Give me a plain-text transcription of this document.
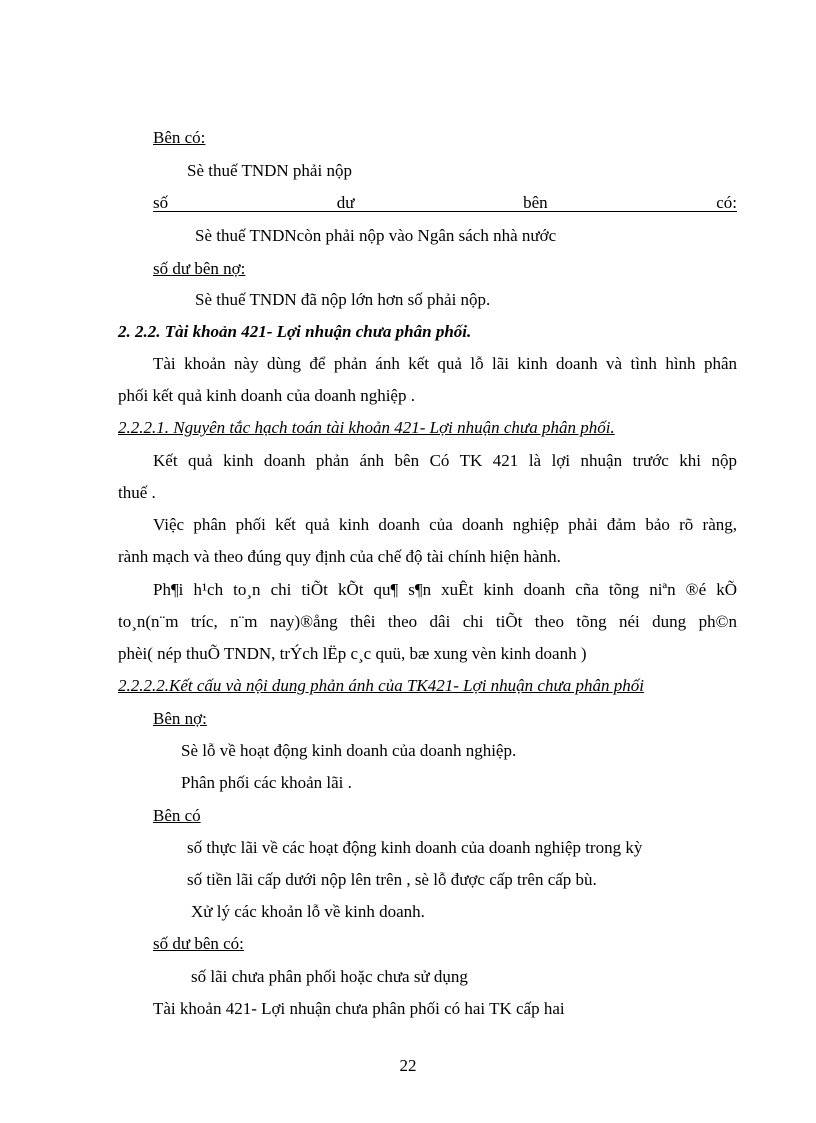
Bên có:
Sè thuế TNDN phải nộp
số	dư	bên	có:
Sè thuế TNDNcòn phải nộp vào Ngân sách nhà nước
số dư bên nợ:
Sè thuế TNDN đã nộp lớn hơn số phải nộp.
2. 2.2. Tài khoản 421- Lợi nhuận chưa phân phối.
Tài khoản này dùng để phản ánh kết quả lỗ lãi kinh doanh và tình hình phân
phối kết quả kinh doanh của doanh nghiệp .
2.2.2.1. Nguyên tắc hạch toán tài khoản 421- Lợi nhuận chưa phân phối.
Kết quả kinh doanh phản ánh bên Có TK 421 là lợi nhuận trước khi nộp
thuế .
Việc phân phối kết quả kinh doanh của doanh nghiệp phải đảm bảo rõ ràng,
rành mạch và theo đúng quy định của chế độ tài chính hiện hành.
Ph¶i h¹ch to¸n chi tiÕt kÕt qu¶ s¶n xuÊt kinh doanh cña tõng niªn ®é kÕ
to¸n(n¨m tríc, n¨m nay)®ång thêi theo dâi chi tiÕt theo tõng néi dung ph©n
phèi( nép thuÕ TNDN, trÝch lËp c¸c quü, bæ xung vèn kinh doanh )
2.2.2.2.Kết cấu và nội dung phản ánh của TK421- Lợi nhuận chưa phân phối
Bên nợ:
Sè lỗ về hoạt động kinh doanh của doanh nghiệp.
Phân phối các khoản lãi .
Bên có
số thực lãi về các hoạt động kinh doanh của doanh nghiệp trong kỳ
số tiền lãi cấp dưới nộp lên trên , sè lỗ được cấp trên cấp bù.
Xử lý các khoản lỗ về kinh doanh.
số dư bên có:
số lãi chưa phân phối hoặc chưa sử dụng
Tài khoản 421- Lợi nhuận chưa phân phối có hai TK cấp hai
22
